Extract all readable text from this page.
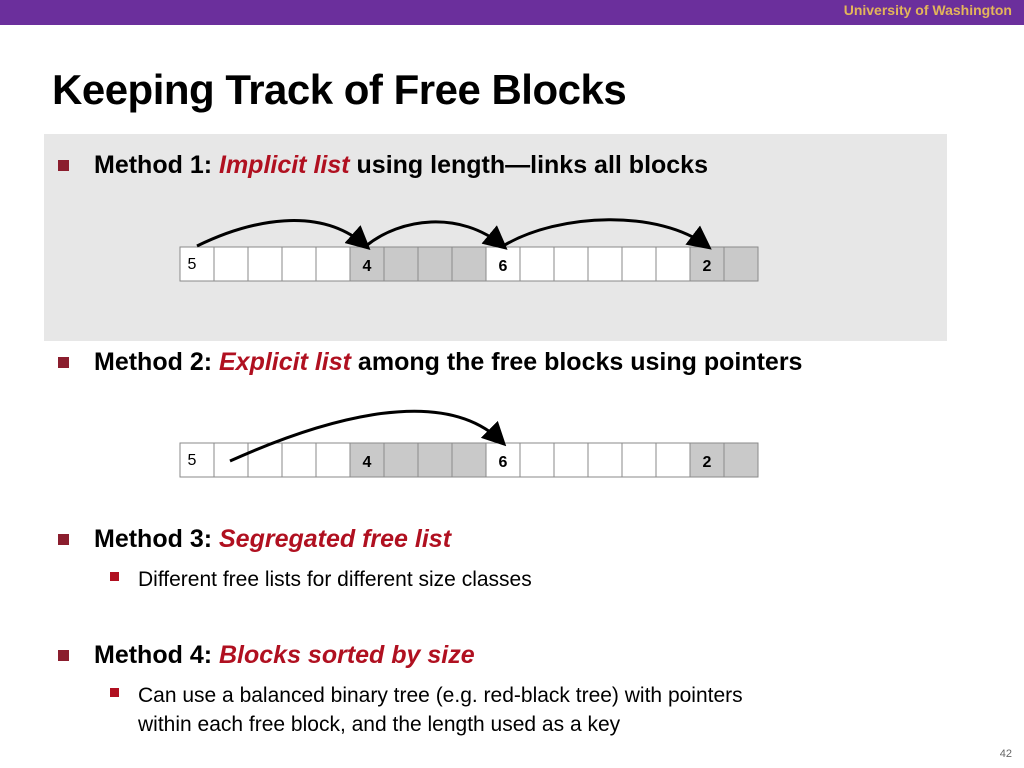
University of Washington
Keeping Track of Free Blocks
Method 1: Implicit list using length—links all blocks
Method 2: Explicit list among the free blocks using pointers
Method 3: Segregated free list
Different free lists for different size classes
Method 4: Blocks sorted by size
Can use a balanced binary tree (e.g. red-black tree) with pointers
within each free block, and the length used as a key
5	4	6	2
5	4	6	2
42
